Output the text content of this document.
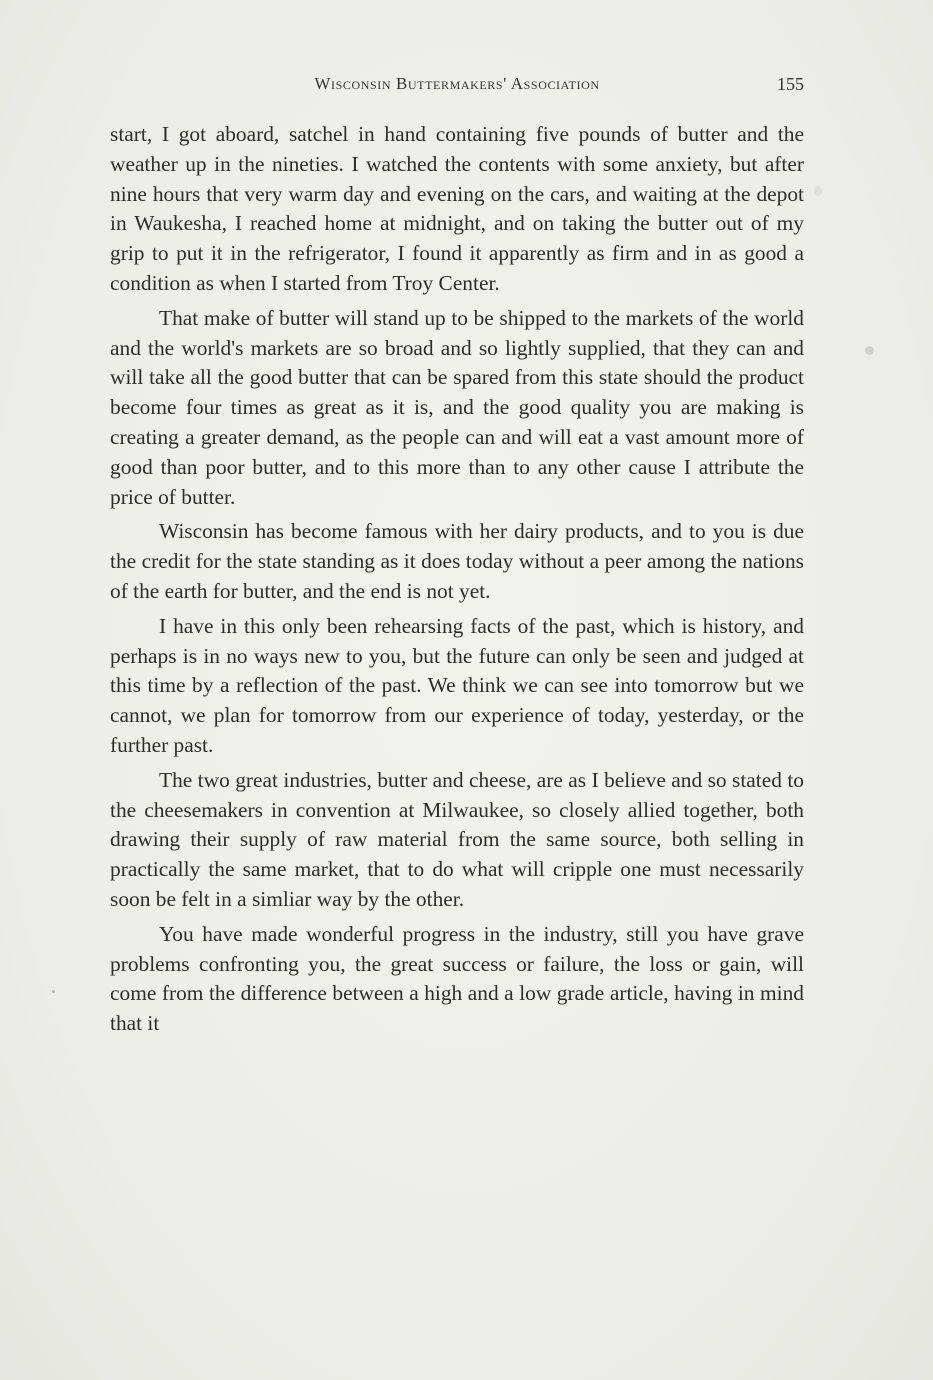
Wisconsin Buttermakers' Association	155

start, I got aboard, satchel in hand containing five pounds of butter and the weather up in the nineties. I watched the contents with some anxiety, but after nine hours that very warm day and evening on the cars, and waiting at the depot in Waukesha, I reached home at midnight, and on taking the butter out of my grip to put it in the refrigerator, I found it apparently as firm and in as good a condition as when I started from Troy Center.

That make of butter will stand up to be shipped to the markets of the world and the world's markets are so broad and so lightly supplied, that they can and will take all the good butter that can be spared from this state should the product become four times as great as it is, and the good quality you are making is creating a greater demand, as the people can and will eat a vast amount more of good than poor butter, and to this more than to any other cause I attribute the price of butter.

Wisconsin has become famous with her dairy products, and to you is due the credit for the state standing as it does today without a peer among the nations of the earth for butter, and the end is not yet.

I have in this only been rehearsing facts of the past, which is history, and perhaps is in no ways new to you, but the future can only be seen and judged at this time by a reflection of the past. We think we can see into tomorrow but we cannot, we plan for tomorrow from our experience of today, yesterday, or the further past.

The two great industries, butter and cheese, are as I believe and so stated to the cheesemakers in convention at Milwaukee, so closely allied together, both drawing their supply of raw material from the same source, both selling in practically the same market, that to do what will cripple one must necessarily soon be felt in a simliar way by the other.

You have made wonderful progress in the industry, still you have grave problems confronting you, the great success or failure, the loss or gain, will come from the difference between a high and a low grade article, having in mind that it
